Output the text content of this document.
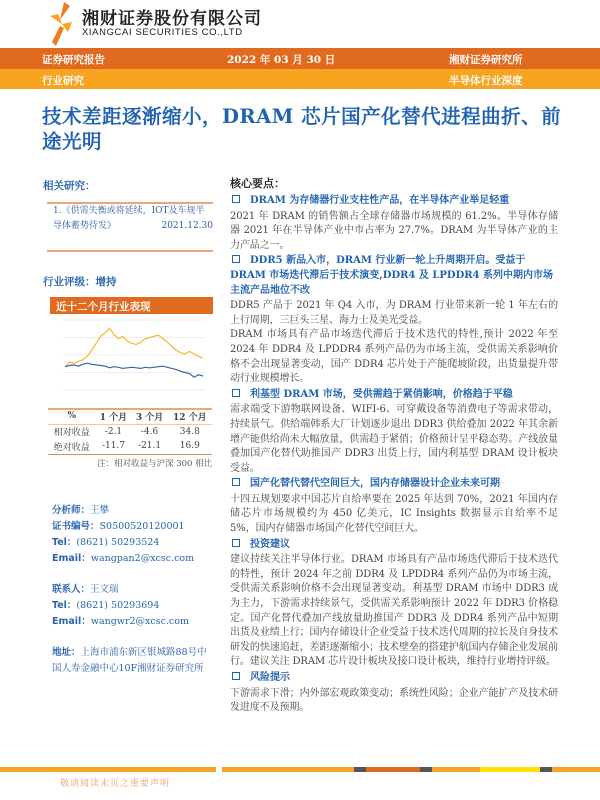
湘财证券股份有限公司
XIANGCAI SECURITIES CO.,LTD
证券研究报告	2022 年 03 月 30 日	湘财证券研究所
行业研究	半导体行业深度
技术差距逐渐缩小，DRAM 芯片国产化替代进程曲折、前途光明
相关研究：
1.《供需失衡或将延续，IOT及车规半导体蓄势待发》	2021.12.30
行业评级：增持
近十二个月行业表现
%	1 个月	3 个月	12 个月
相对收益	-2.1	-4.6	34.8
绝对收益	-11.7	-21.1	16.9
注：相对收益与沪深 300 相比
分析师：王攀
证书编号：S0500520120001
Tel：(8621) 50293524
Email：wangpan2@xcsc.com
联系人：王文瑞
Tel：(8621) 50293694
Email：wangwr2@xcsc.com
地址：上海市浦东新区银城路88号中国人寿金融中心10F湘财证券研究所
核心要点：
DRAM 为存储器行业支柱性产品，在半导体产业举足轻重
2021 年 DRAM 的销售额占全球存储器市场规模的 61.2%。半导体存储器 2021 年在半导体产业中市占率为 27.7%。DRAM 为半导体产业的主力产品之一。
DDR5 新品入市，DRAM 行业新一轮上升周期开启。受益于DRAM 市场迭代滞后于技术演变,DDR4 及 LPDDR4 系列中期内市场主流产品地位不改
DDR5 产品于 2021 年 Q4 入市，为 DRAM 行业带来新一轮 1 年左右的上行周期，三巨头三星、海力士及美光受益。
DRAM 市场具有产品市场迭代滞后于技术迭代的特性,预计 2022 年至 2024 年 DDR4 及 LPDDR4 系列产品仍为市场主流，受供需关系影响价格不会出现显著变动，国产 DDR4 芯片处于产能爬坡阶段，出货量提升带动行业规模增长。
利基型 DRAM 市场，受供需趋于紧俏影响，价格趋于平稳
需求端受下游物联网设备、WIFI-6、可穿戴设备等消费电子等需求带动，持续景气。供给端韩系大厂计划逐步退出 DDR3 供给叠加 2022 年其余新增产能供给尚未大幅放量，供需趋于紧俏；价格预计呈平稳态势。产线放量叠加国产化替代助推国产 DDR3 出货上行，国内利基型 DRAM 设计板块受益。
国产化替代替代空间巨大，国内存储器设计企业未来可期
十四五规划要求中国芯片自给率要在 2025 年达到 70%，2021 年国内存储芯片市场规模约为 450 亿美元，IC Insights 数据显示自给率不足 5%，国内存储器市场国产化替代空间巨大。
投资建议
建议持续关注半导体行业。DRAM 市场具有产品市场迭代滞后于技术迭代的特性，预计 2024 年之前 DDR4 及 LPDDR4 系列产品仍为市场主流，受供需关系影响价格不会出现显著变动。利基型 DRAM 市场中 DDR3 成为主力，下游需求持续景气，受供需关系影响预计 2022 年 DDR3 价格稳定。国产化替代叠加产线放量助推国产 DDR3 及 DDR4 系列产品中短期出货及业绩上行；国内存储设计企业受益于技术迭代周期的拉长及自身技术研发的快速追赶，差距逐渐缩小；技术壁垒的搭建护航国内存储企业发展前行。建议关注 DRAM 芯片设计板块及接口设计板块，维持行业增持评级。
风险提示
下游需求下滑；内外部宏观政策变动；系统性风险；企业产能扩产及技术研发进度不及预期。
敬请阅读末页之重要声明
